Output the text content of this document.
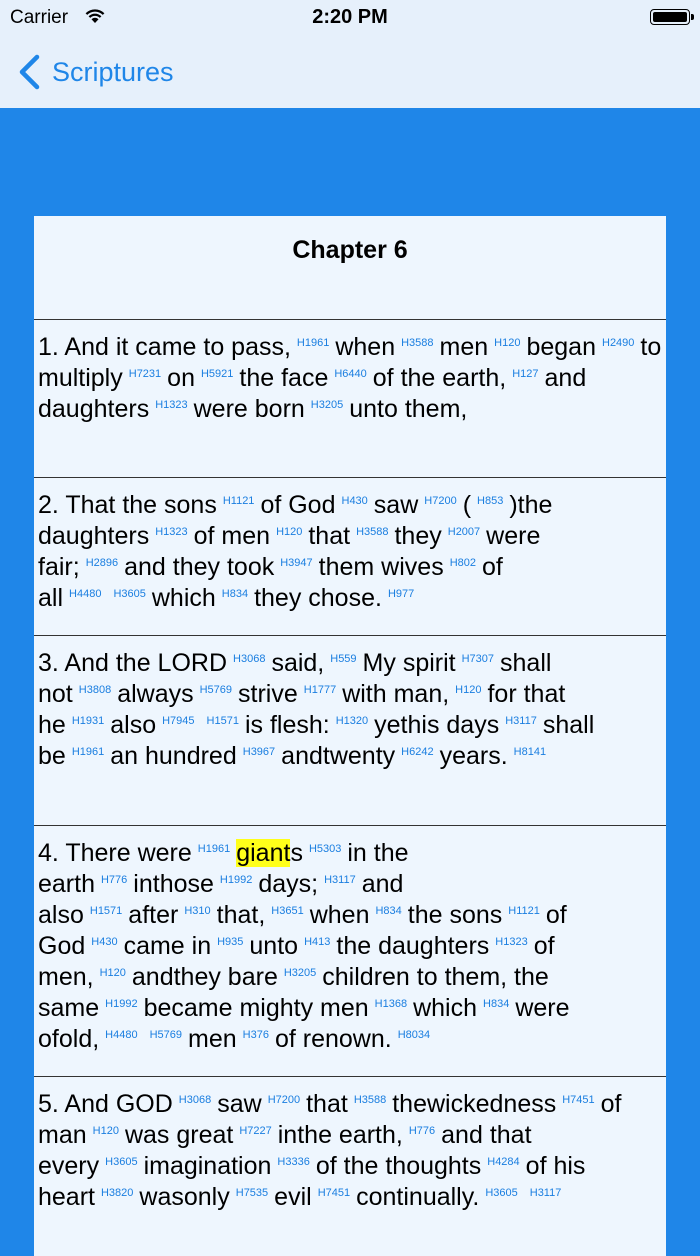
Carrier	2:20 PM
Scriptures
Chapter 6

1. And it came to pass, $^{H1961}$ when $^{H3588}$ men $^{H120}$ began $^{H2490}$ to multiply $^{H7231}$ on $^{H5921}$ the face $^{H6440}$ of the earth, $^{H127}$ and daughters $^{H1323}$ were born $^{H3205}$ unto them,

2. That the sons $^{H1121}$ of God $^{H430}$ saw $^{H7200}$ ( $^{H853}$ )the daughters $^{H1323}$ of men $^{H120}$ that $^{H3588}$ they $^{H2007}$ were fair; $^{H2896}$ and they took $^{H3947}$ them wives $^{H802}$ of all $^{H4480}$ $^{H3605}$ which $^{H834}$ they chose. $^{H977}$

3. And the LORD $^{H3068}$ said, $^{H559}$ My spirit $^{H7307}$ shall not $^{H3808}$ always $^{H5769}$ strive $^{H1777}$ with man, $^{H120}$ for that he $^{H1931}$ also $^{H7945}$ $^{H1571}$ is flesh: $^{H1320}$ yethis days $^{H3117}$ shall be $^{H1961}$ an hundred $^{H3967}$ andtwenty $^{H6242}$ years. $^{H8141}$

4. There were $^{H1961}$ giants $^{H5303}$ in the earth $^{H776}$ inthose $^{H1992}$ days; $^{H3117}$ and also $^{H1571}$ after $^{H310}$ that, $^{H3651}$ when $^{H834}$ the sons $^{H1121}$ of God $^{H430}$ came in $^{H935}$ unto $^{H413}$ the daughters $^{H1323}$ of men, $^{H120}$ andthey bare $^{H3205}$ children to them, the same $^{H1992}$ became mighty men $^{H1368}$ which $^{H834}$ were ofold, $^{H4480}$ $^{H5769}$ men $^{H376}$ of renown. $^{H8034}$

5. And GOD $^{H3068}$ saw $^{H7200}$ that $^{H3588}$ thewickedness $^{H7451}$ of man $^{H120}$ was great $^{H7227}$ inthe earth, $^{H776}$ and that every $^{H3605}$ imagination $^{H3336}$ of the thoughts $^{H4284}$ of his heart $^{H3820}$ wasonly $^{H7535}$ evil $^{H7451}$ continually. $^{H3605}$ $^{H3117}$
